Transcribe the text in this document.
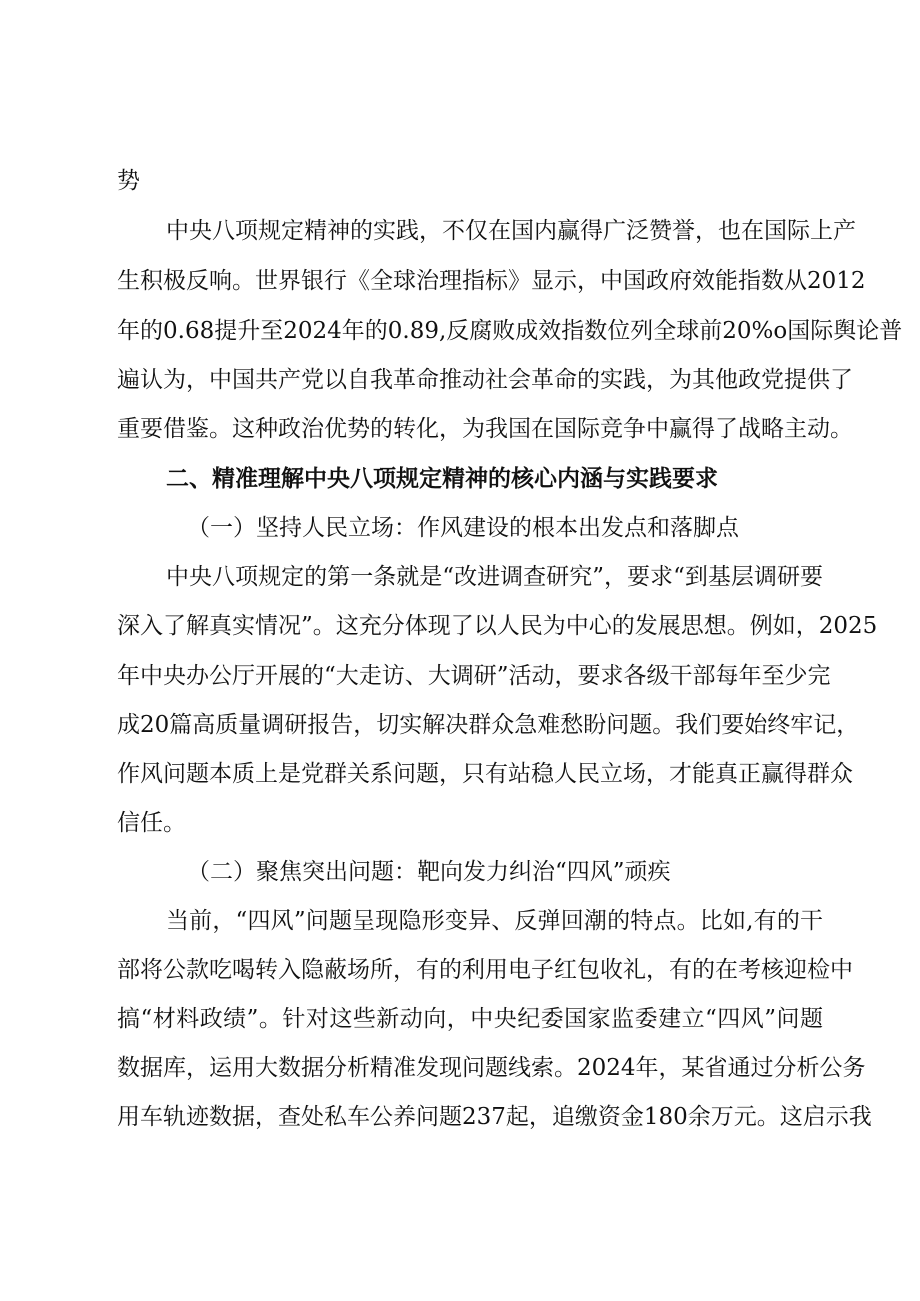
势
中央八项规定精神的实践，不仅在国内赢得广泛赞誉，也在国际上产
生积极反响。世界银行《全球治理指标》显示，中国政府效能指数从2012
年的0.68提升至2024年的0.89,反腐败成效指数位列全球前20%o国际舆论普
遍认为，中国共产党以自我革命推动社会革命的实践，为其他政党提供了
重要借鉴。这种政治优势的转化，为我国在国际竞争中赢得了战略主动。
二、精准理解中央八项规定精神的核心内涵与实践要求
（一）坚持人民立场：作风建设的根本出发点和落脚点
中央八项规定的第一条就是“改进调查研究”，要求“到基层调研要
深入了解真实情况”。这充分体现了以人民为中心的发展思想。例如，2025
年中央办公厅开展的“大走访、大调研”活动，要求各级干部每年至少完
成20篇高质量调研报告，切实解决群众急难愁盼问题。我们要始终牢记，
作风问题本质上是党群关系问题，只有站稳人民立场，才能真正赢得群众
信任。
（二）聚焦突出问题：靶向发力纠治“四风”顽疾
当前，“四风”问题呈现隐形变异、反弹回潮的特点。比如,有的干
部将公款吃喝转入隐蔽场所，有的利用电子红包收礼，有的在考核迎检中
搞“材料政绩”。针对这些新动向，中央纪委国家监委建立“四风”问题
数据库，运用大数据分析精准发现问题线索。2024年，某省通过分析公务
用车轨迹数据，查处私车公养问题237起，追缴资金180余万元。这启示我
